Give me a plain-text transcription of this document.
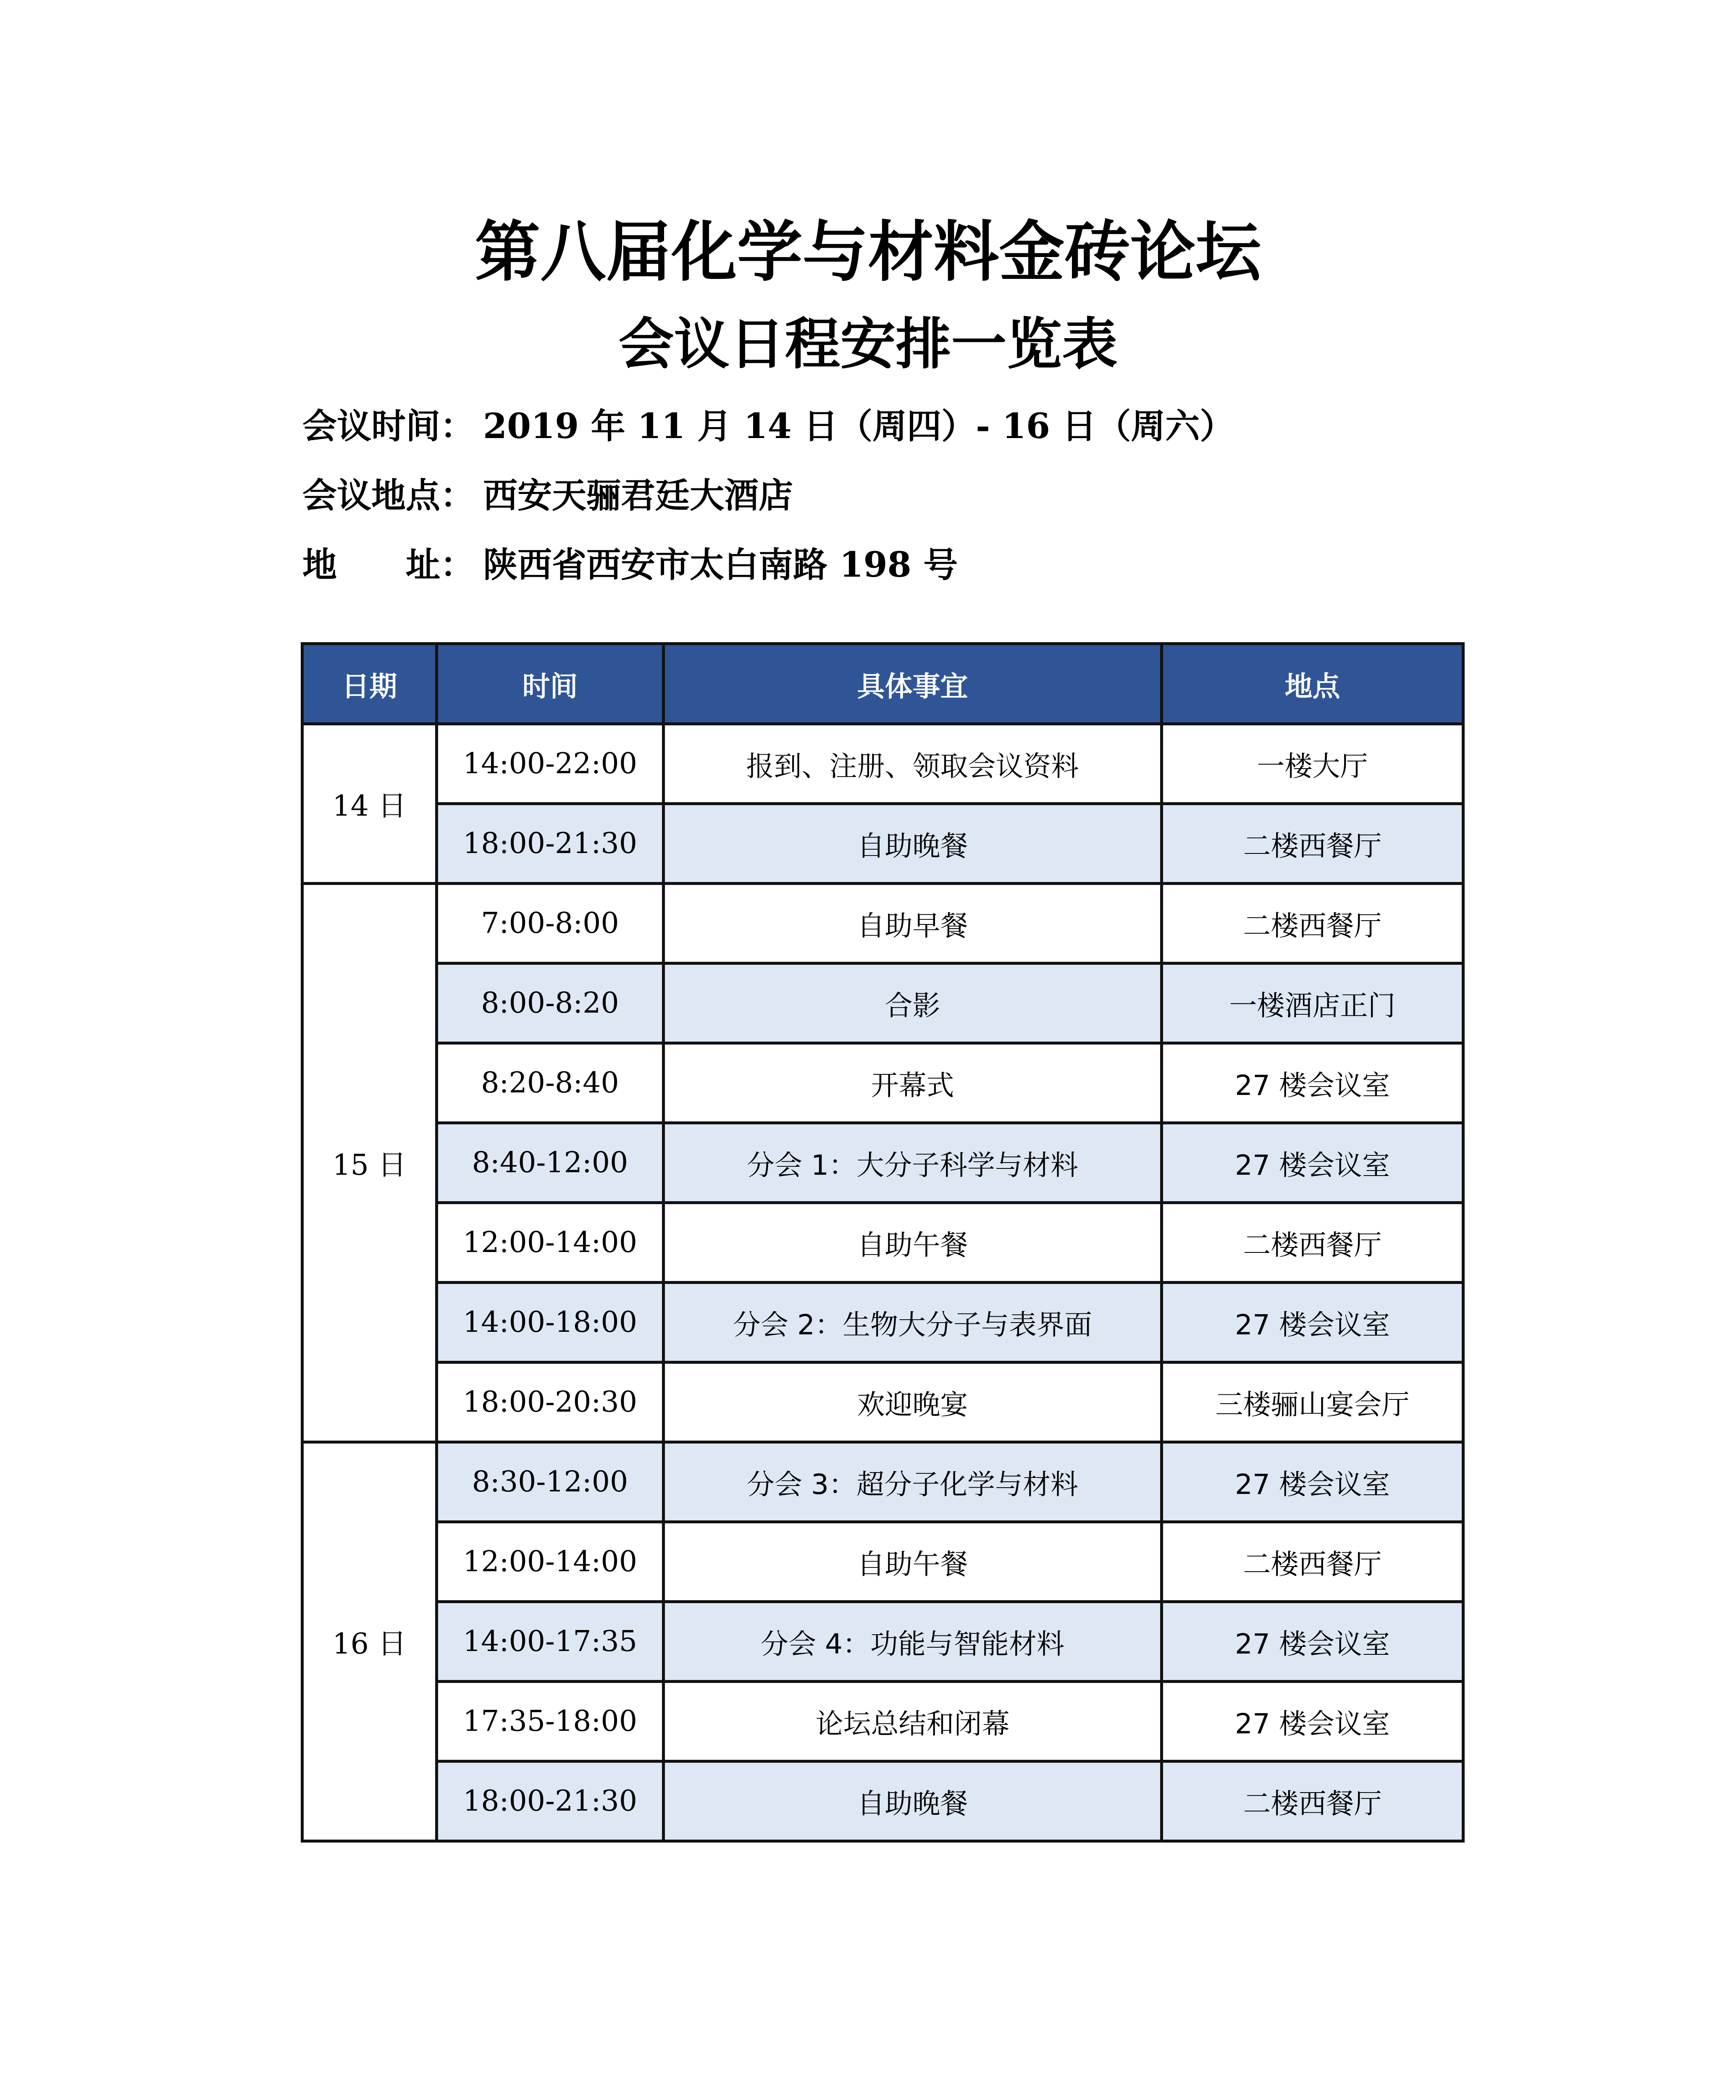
第八届化学与材料金砖论坛
会议日程安排一览表
会议时间： 2019 年 11 月 14 日（周四）- 16 日（周六）
会议地点： 西安天骊君廷大酒店
地　　址： 陕西省西安市太白南路 198 号
日期	时间	具体事宜	地点
14 日	14:00-22:00	报到、注册、领取会议资料	一楼大厅
	18:00-21:30	自助晚餐	二楼西餐厅
15 日	7:00-8:00	自助早餐	二楼西餐厅
	8:00-8:20	合影	一楼酒店正门
	8:20-8:40	开幕式	27 楼会议室
	8:40-12:00	分会 1：大分子科学与材料	27 楼会议室
	12:00-14:00	自助午餐	二楼西餐厅
	14:00-18:00	分会 2：生物大分子与表界面	27 楼会议室
	18:00-20:30	欢迎晚宴	三楼骊山宴会厅
16 日	8:30-12:00	分会 3：超分子化学与材料	27 楼会议室
	12:00-14:00	自助午餐	二楼西餐厅
	14:00-17:35	分会 4：功能与智能材料	27 楼会议室
	17:35-18:00	论坛总结和闭幕	27 楼会议室
	18:00-21:30	自助晚餐	二楼西餐厅
